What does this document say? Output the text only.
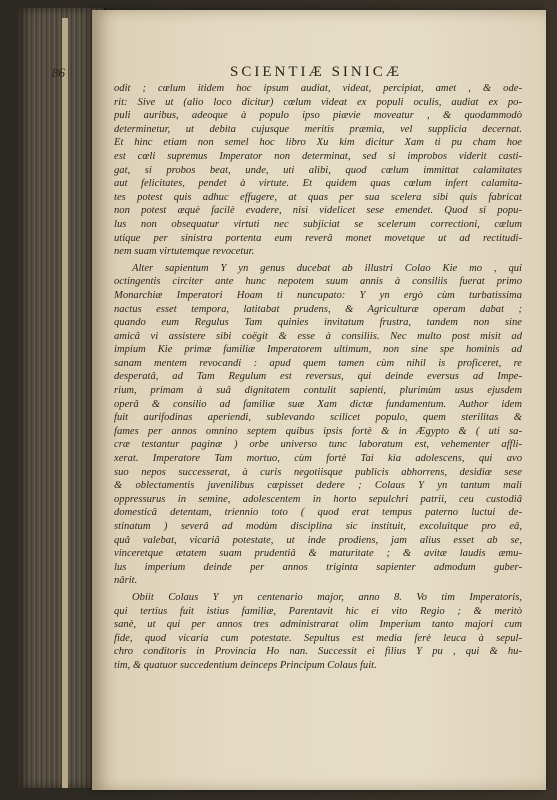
86	SCIENTIÆ SINICÆ
odit ; cœlum itidem hoc ipsum audiat, videat, percipiat, amet , & ode-
rit: Sive ut (alio loco dicitur) cœlum videat ex populi oculis, audiat ex po-
puli auribus, adeoque à populo ipso piævie moveatur , & quodammodò
determinetur, ut debita cujusque meritis præmia, vel supplicia decernat.
Et hinc etiam non semel hoc libro Xu kim dicitur Xam ti pu cham hoe
est cœli supremus Imperator non determinat, sed si improbos viderit casti-
gat, si probos beat, unde, uti alibi, quod cœlum immittat calamitates
aut felicitates, pendet à virtute. Et quidem quas cœlum infert calamita-
tes potest quis adhuc effugere, at quas per sua scelera sibi quis fabricat
non potest æquè facilè evadere, nisi videlicet sese emendet. Quod si popu-
lus non obsequatur virtuti nec subjiciat se scelerum correctioni, cœlum
utique per sinistra portenta eum reverâ monet movetque ut ad rectitudi-
nem suam virtutemque revocetur.
Alter sapientum Y yn genus ducebat ab illustri Colao Kie mo , qui
octingentis circiter ante hunc nepotem suum annis à consiliis fuerat primo
Monarchiæ Imperatori Hoam ti nuncupato: Y yn ergò cùm turbatissima
nactus esset tempora, latitabat prudens, & Agriculturæ operam dabat ;
quando eum Regulus Tam quinies invitatum frustra, tandem non sine
amicâ vi assistere sibi coëgit & esse à consiliis. Nec multo post misit ad
impium Kie primæ familiæ Imperatorem ultimum, non sine spe hominis ad
sanam mentem revocandi : apud quem tamen cùm nihil is proficeret, re
desperatâ, ad Tam Regulum est reversus, qui deinde eversus ad Impe-
rium, primam à suâ dignitatem contulit sapienti, plurimùm usus ejusdem
operâ & consilio ad familiæ suæ Xam dictæ fundamentum. Author idem
fuit aurifodinas aperiendi, sublevando scilicet populo, quem sterilitas &
fames per annos omnino septem quibus ipsis fortè & in Ægypto & ( uti sa-
cræ testantur paginæ ) orbe universo tunc laboratum est, vehementer affli-
xerat. Imperatore Tam mortuo, cùm fortè Tai kia adolescens, qui avo
suo nepos successerat, à curis negotiisque publicis abhorrens, desidiæ sese
& oblectamentis juvenilibus cœpisset dedere ; Colaus Y yn tantum mali
oppressurus in semine, adolescentem in horto sepulchri patrii, ceu custodiâ
domesticâ detentam, triennio toto ( quod erat tempus paterno luctui de-
stinatum ) severâ ad modùm disciplina sic instituit, excoluitque pro eâ,
quâ valebat, vicariâ potestate, ut inde prodiens, jam alius esset ab se,
vinceretque ætatem suam prudentiâ & maturitate ; & avitæ laudis æmu-
lus imperium deinde per annos triginta sapienter admodum guber-
nârit.
Obiit Colaus Y yn centenario major, anno 8. Vo tim Imperatoris,
qui tertius fuit istius familiæ, Parentavit hic ei vito Regio ; & meritò
sanè, ut qui per annos tres administrarat olim Imperium tanto majori cum
fide, quod vicaria cum potestate. Sepultus est media ferè leuca à sepul-
chro conditoris in Provincia Ho nan. Successit ei filius Y pu , qui & hu-
tim, & quatuor succedentium deinceps Principum Colaus fuit.
